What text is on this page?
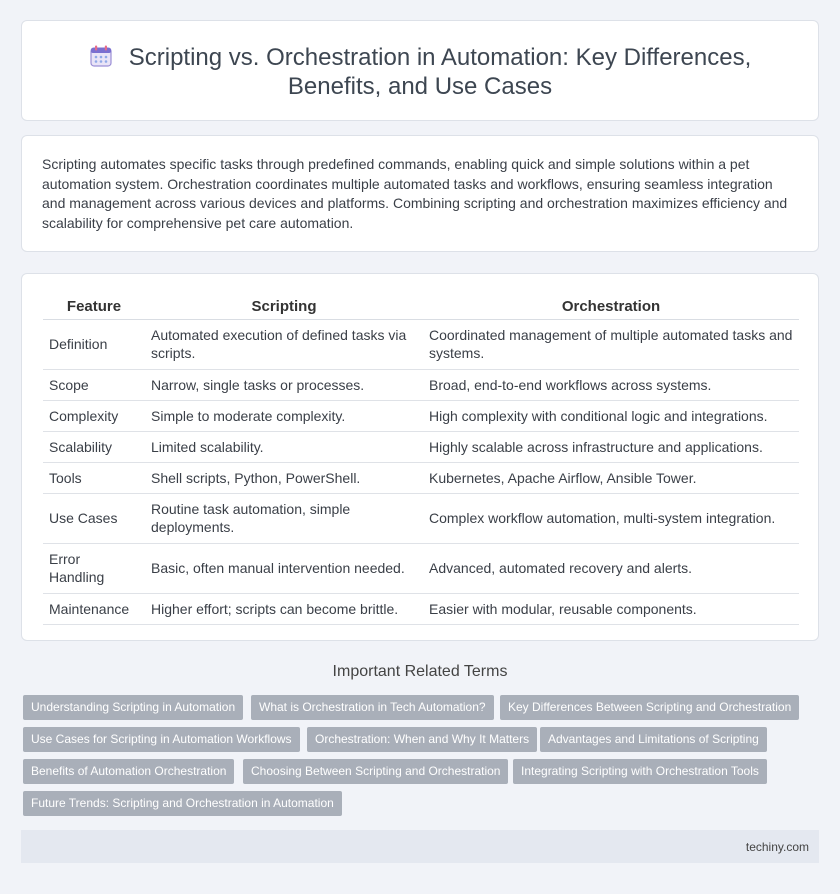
Scripting vs. Orchestration in Automation: Key Differences,
Benefits, and Use Cases

Scripting automates specific tasks through predefined commands, enabling quick and simple solutions within a pet automation system. Orchestration coordinates multiple automated tasks and workflows, ensuring seamless integration and management across various devices and platforms. Combining scripting and orchestration maximizes efficiency and scalability for comprehensive pet care automation.

Feature	Scripting	Orchestration
Definition	Automated execution of defined tasks via scripts.	Coordinated management of multiple automated tasks and systems.
Scope	Narrow, single tasks or processes.	Broad, end-to-end workflows across systems.
Complexity	Simple to moderate complexity.	High complexity with conditional logic and integrations.
Scalability	Limited scalability.	Highly scalable across infrastructure and applications.
Tools	Shell scripts, Python, PowerShell.	Kubernetes, Apache Airflow, Ansible Tower.
Use Cases	Routine task automation, simple deployments.	Complex workflow automation, multi-system integration.
Error Handling	Basic, often manual intervention needed.	Advanced, automated recovery and alerts.
Maintenance	Higher effort; scripts can become brittle.	Easier with modular, reusable components.
Important Related Terms
Understanding Scripting in Automation	What is Orchestration in Tech Automation?	Key Differences Between Scripting and Orchestration
Use Cases for Scripting in Automation Workflows	Orchestration: When and Why It Matters	Advantages and Limitations of Scripting
Benefits of Automation Orchestration	Choosing Between Scripting and Orchestration	Integrating Scripting with Orchestration Tools
Future Trends: Scripting and Orchestration in Automation
techiny.com
